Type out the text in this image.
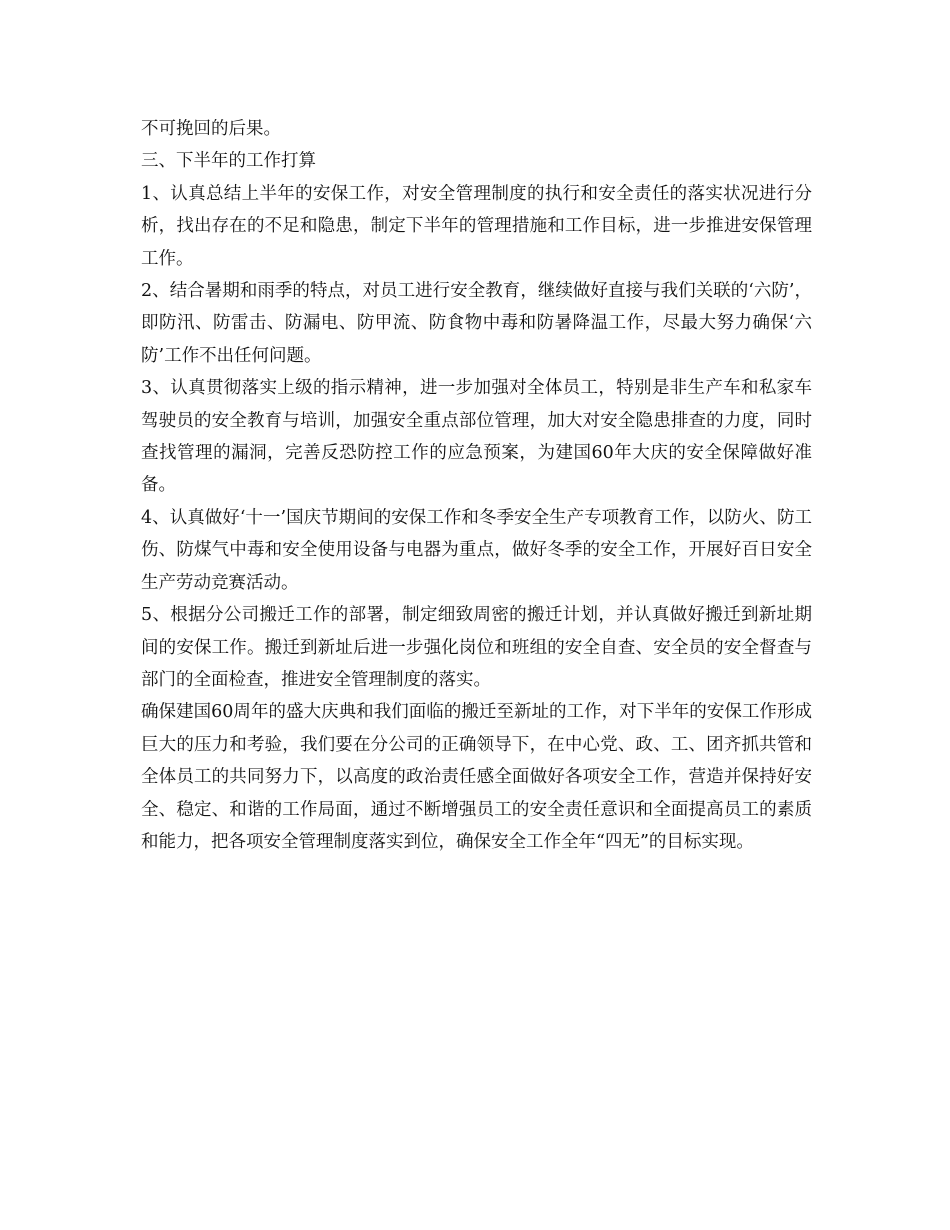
不可挽回的后果。

三、下半年的工作打算

1、认真总结上半年的安保工作，对安全管理制度的执行和安全责任的落实状况进行分析，找出存在的不足和隐患，制定下半年的管理措施和工作目标，进一步推进安保管理工作。

2、结合暑期和雨季的特点，对员工进行安全教育，继续做好直接与我们关联的‘六防’，即防汛、防雷击、防漏电、防甲流、防食物中毒和防暑降温工作，尽最大努力确保‘六防’工作不出任何问题。

3、认真贯彻落实上级的指示精神，进一步加强对全体员工，特别是非生产车和私家车驾驶员的安全教育与培训，加强安全重点部位管理，加大对安全隐患排查的力度，同时查找管理的漏洞，完善反恐防控工作的应急预案，为建国60年大庆的安全保障做好准备。

4、认真做好‘十一’国庆节期间的安保工作和冬季安全生产专项教育工作，以防火、防工伤、防煤气中毒和安全使用设备与电器为重点，做好冬季的安全工作，开展好百日安全生产劳动竞赛活动。

5、根据分公司搬迁工作的部署，制定细致周密的搬迁计划，并认真做好搬迁到新址期间的安保工作。搬迁到新址后进一步强化岗位和班组的安全自查、安全员的安全督查与部门的全面检查，推进安全管理制度的落实。

确保建国60周年的盛大庆典和我们面临的搬迁至新址的工作，对下半年的安保工作形成巨大的压力和考验，我们要在分公司的正确领导下，在中心党、政、工、团齐抓共管和全体员工的共同努力下，以高度的政治责任感全面做好各项安全工作，营造并保持好安全、稳定、和谐的工作局面，通过不断增强员工的安全责任意识和全面提高员工的素质和能力，把各项安全管理制度落实到位，确保安全工作全年“四无”的目标实现。
